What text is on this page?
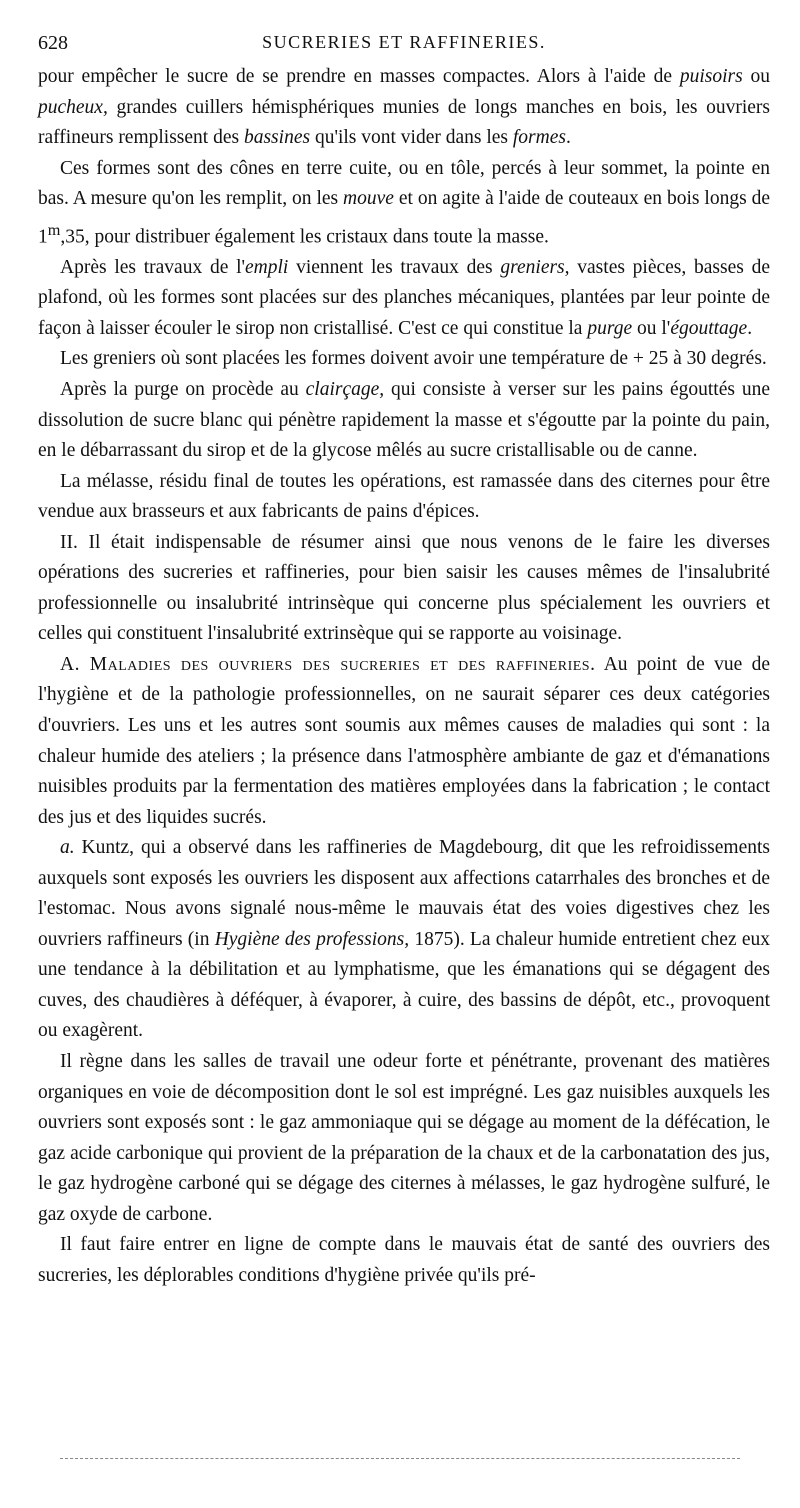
628	SUCRERIES ET RAFFINERIES.

pour empêcher le sucre de se prendre en masses compactes. Alors à l'aide de puisoirs ou pucheux, grandes cuillers hémisphériques munies de longs manches en bois, les ouvriers raffineurs remplissent des bassines qu'ils vont vider dans les formes.

Ces formes sont des cônes en terre cuite, ou en tôle, percés à leur sommet, la pointe en bas. A mesure qu'on les remplit, on les mouve et on agite à l'aide de couteaux en bois longs de 1$^m$,35, pour distribuer également les cristaux dans toute la masse.

Après les travaux de l'empli viennent les travaux des greniers, vastes pièces, basses de plafond, où les formes sont placées sur des planches mécaniques, plantées par leur pointe de façon à laisser écouler le sirop non cristallisé. C'est ce qui constitue la purge ou l'égouttage.

Les greniers où sont placées les formes doivent avoir une température de + 25 à 30 degrés.

Après la purge on procède au clairçage, qui consiste à verser sur les pains égouttés une dissolution de sucre blanc qui pénètre rapidement la masse et s'égoutte par la pointe du pain, en le débarrassant du sirop et de la glycose mêlés au sucre cristallisable ou de canne.

La mélasse, résidu final de toutes les opérations, est ramassée dans des citernes pour être vendue aux brasseurs et aux fabricants de pains d'épices.

II. Il était indispensable de résumer ainsi que nous venons de le faire les diverses opérations des sucreries et raffineries, pour bien saisir les causes mêmes de l'insalubrité professionnelle ou insalubrité intrinsèque qui concerne plus spécialement les ouvriers et celles qui constituent l'insalubrité extrinsèque qui se rapporte au voisinage.

A. Maladies des ouvriers des sucreries et des raffineries. Au point de vue de l'hygiène et de la pathologie professionnelles, on ne saurait séparer ces deux catégories d'ouvriers. Les uns et les autres sont soumis aux mêmes causes de maladies qui sont : la chaleur humide des ateliers ; la présence dans l'atmosphère ambiante de gaz et d'émanations nuisibles produits par la fermentation des matières employées dans la fabrication ; le contact des jus et des liquides sucrés.

a. Kuntz, qui a observé dans les raffineries de Magdebourg, dit que les refroidissements auxquels sont exposés les ouvriers les disposent aux affections catarrhales des bronches et de l'estomac. Nous avons signalé nous-même le mauvais état des voies digestives chez les ouvriers raffineurs (in Hygiène des professions, 1875). La chaleur humide entretient chez eux une tendance à la débilitation et au lymphatisme, que les émanations qui se dégagent des cuves, des chaudières à déféquer, à évaporer, à cuire, des bassins de dépôt, etc., provoquent ou exagèrent.

Il règne dans les salles de travail une odeur forte et pénétrante, provenant des matières organiques en voie de décomposition dont le sol est imprégné. Les gaz nuisibles auxquels les ouvriers sont exposés sont : le gaz ammoniaque qui se dégage au moment de la défécation, le gaz acide carbonique qui provient de la préparation de la chaux et de la carbonatation des jus, le gaz hydrogène carboné qui se dégage des citernes à mélasses, le gaz hydrogène sulfuré, le gaz oxyde de carbone.

Il faut faire entrer en ligne de compte dans le mauvais état de santé des ouvriers des sucreries, les déplorables conditions d'hygiène privée qu'ils pré-
